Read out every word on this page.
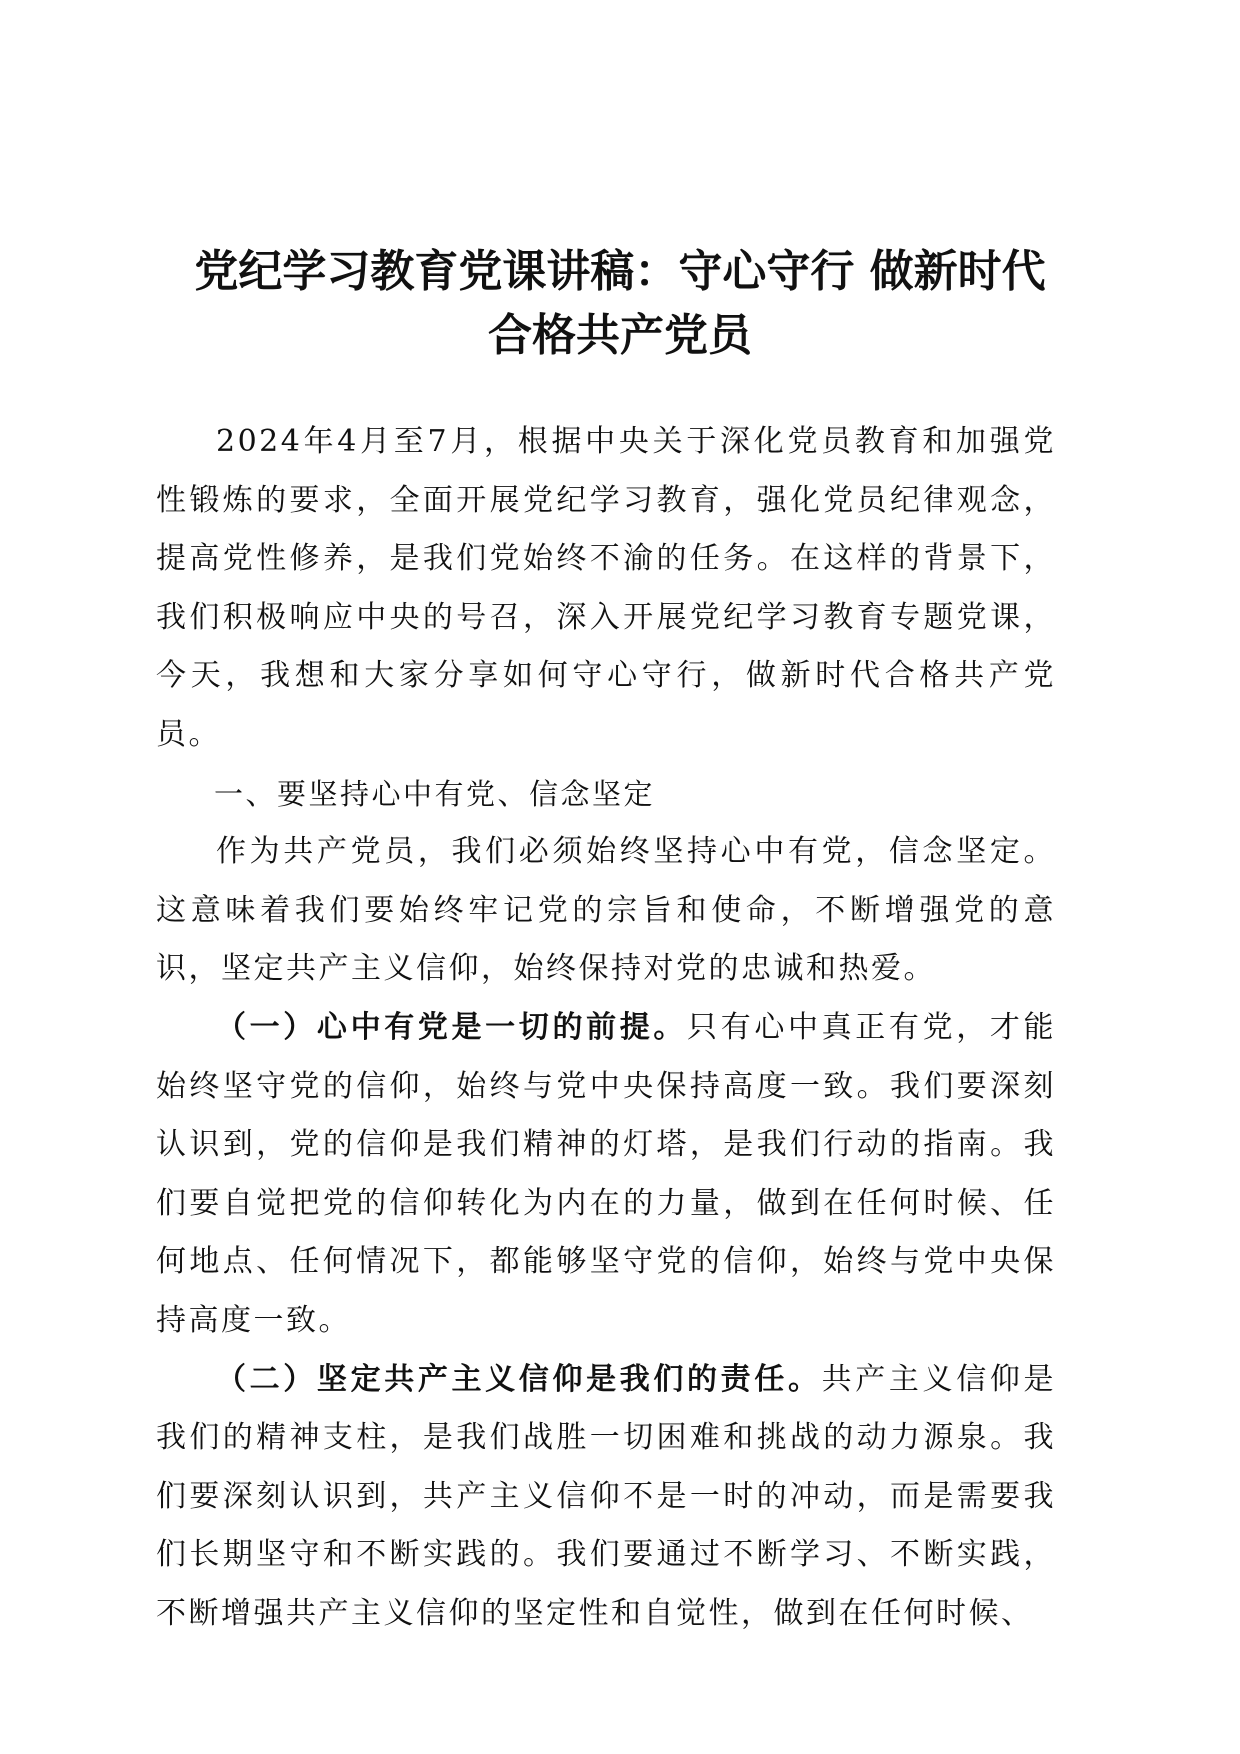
党纪学习教育党课讲稿：守心守行 做新时代
合格共产党员

2024年4月至7月，根据中央关于深化党员教育和加强党性锻炼的要求，全面开展党纪学习教育，强化党员纪律观念，提高党性修养，是我们党始终不渝的任务。在这样的背景下，我们积极响应中央的号召，深入开展党纪学习教育专题党课，今天，我想和大家分享如何守心守行，做新时代合格共产党员。

一、要坚持心中有党、信念坚定

作为共产党员，我们必须始终坚持心中有党，信念坚定。这意味着我们要始终牢记党的宗旨和使命，不断增强党的意识，坚定共产主义信仰，始终保持对党的忠诚和热爱。

（一）心中有党是一切的前提。只有心中真正有党，才能始终坚守党的信仰，始终与党中央保持高度一致。我们要深刻认识到，党的信仰是我们精神的灯塔，是我们行动的指南。我们要自觉把党的信仰转化为内在的力量，做到在任何时候、任何地点、任何情况下，都能够坚守党的信仰，始终与党中央保持高度一致。

（二）坚定共产主义信仰是我们的责任。共产主义信仰是我们的精神支柱，是我们战胜一切困难和挑战的动力源泉。我们要深刻认识到，共产主义信仰不是一时的冲动，而是需要我们长期坚守和不断实践的。我们要通过不断学习、不断实践，不断增强共产主义信仰的坚定性和自觉性，做到在任何时候、
